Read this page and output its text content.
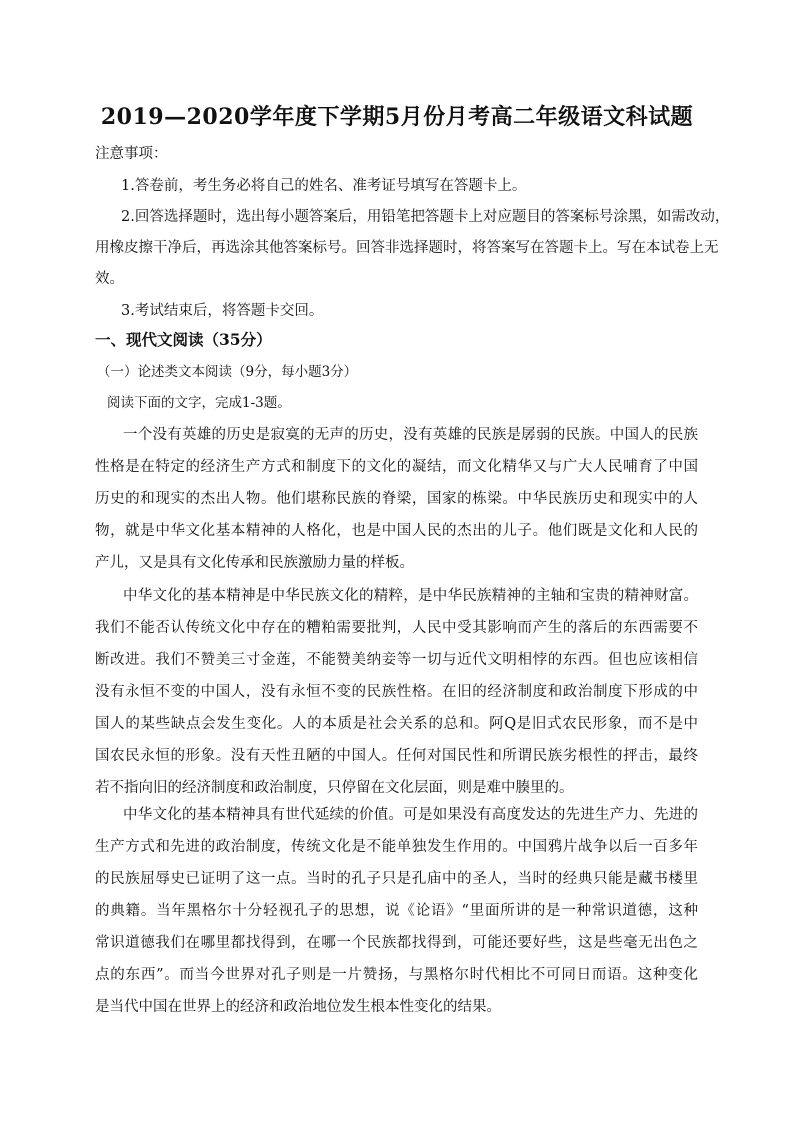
2019—2020学年度下学期5月份月考高二年级语文科试题
注意事项：
1.答卷前，考生务必将自己的姓名、准考证号填写在答题卡上。
2.回答选择题时，选出每小题答案后，用铅笔把答题卡上对应题目的答案标号涂黑，如需改动，
用橡皮擦干净后，再选涂其他答案标号。回答非选择题时，将答案写在答题卡上。写在本试卷上无
效。
3.考试结束后，将答题卡交回。
一、现代文阅读（35分）
（一）论述类文本阅读（9分，每小题3分）
阅读下面的文字，完成1-3题。
一个没有英雄的历史是寂寞的无声的历史，没有英雄的民族是孱弱的民族。中国人的民族
性格是在特定的经济生产方式和制度下的文化的凝结，而文化精华又与广大人民哺育了中国
历史的和现实的杰出人物。他们堪称民族的脊梁，国家的栋梁。中华民族历史和现实中的人
物，就是中华文化基本精神的人格化，也是中国人民的杰出的儿子。他们既是文化和人民的
产儿，又是具有文化传承和民族激励力量的样板。
中华文化的基本精神是中华民族文化的精粹，是中华民族精神的主轴和宝贵的精神财富。
我们不能否认传统文化中存在的糟粕需要批判，人民中受其影响而产生的落后的东西需要不
断改进。我们不赞美三寸金莲，不能赞美纳妾等一切与近代文明相悖的东西。但也应该相信
没有永恒不变的中国人，没有永恒不变的民族性格。在旧的经济制度和政治制度下形成的中
国人的某些缺点会发生变化。人的本质是社会关系的总和。阿Q是旧式农民形象，而不是中
国农民永恒的形象。没有天性丑陋的中国人。任何对国民性和所谓民族劣根性的抨击，最终
若不指向旧的经济制度和政治制度，只停留在文化层面，则是难中腠里的。
中华文化的基本精神具有世代延续的价值。可是如果没有高度发达的先进生产力、先进的
生产方式和先进的政治制度，传统文化是不能单独发生作用的。中国鸦片战争以后一百多年
的民族屈辱史已证明了这一点。当时的孔子只是孔庙中的圣人，当时的经典只能是藏书楼里
的典籍。当年黑格尔十分轻视孔子的思想，说《论语》“里面所讲的是一种常识道德，这种
常识道德我们在哪里都找得到，在哪一个民族都找得到，可能还要好些，这是些毫无出色之
点的东西”。而当今世界对孔子则是一片赞扬，与黑格尔时代相比不可同日而语。这种变化
是当代中国在世界上的经济和政治地位发生根本性变化的结果。
